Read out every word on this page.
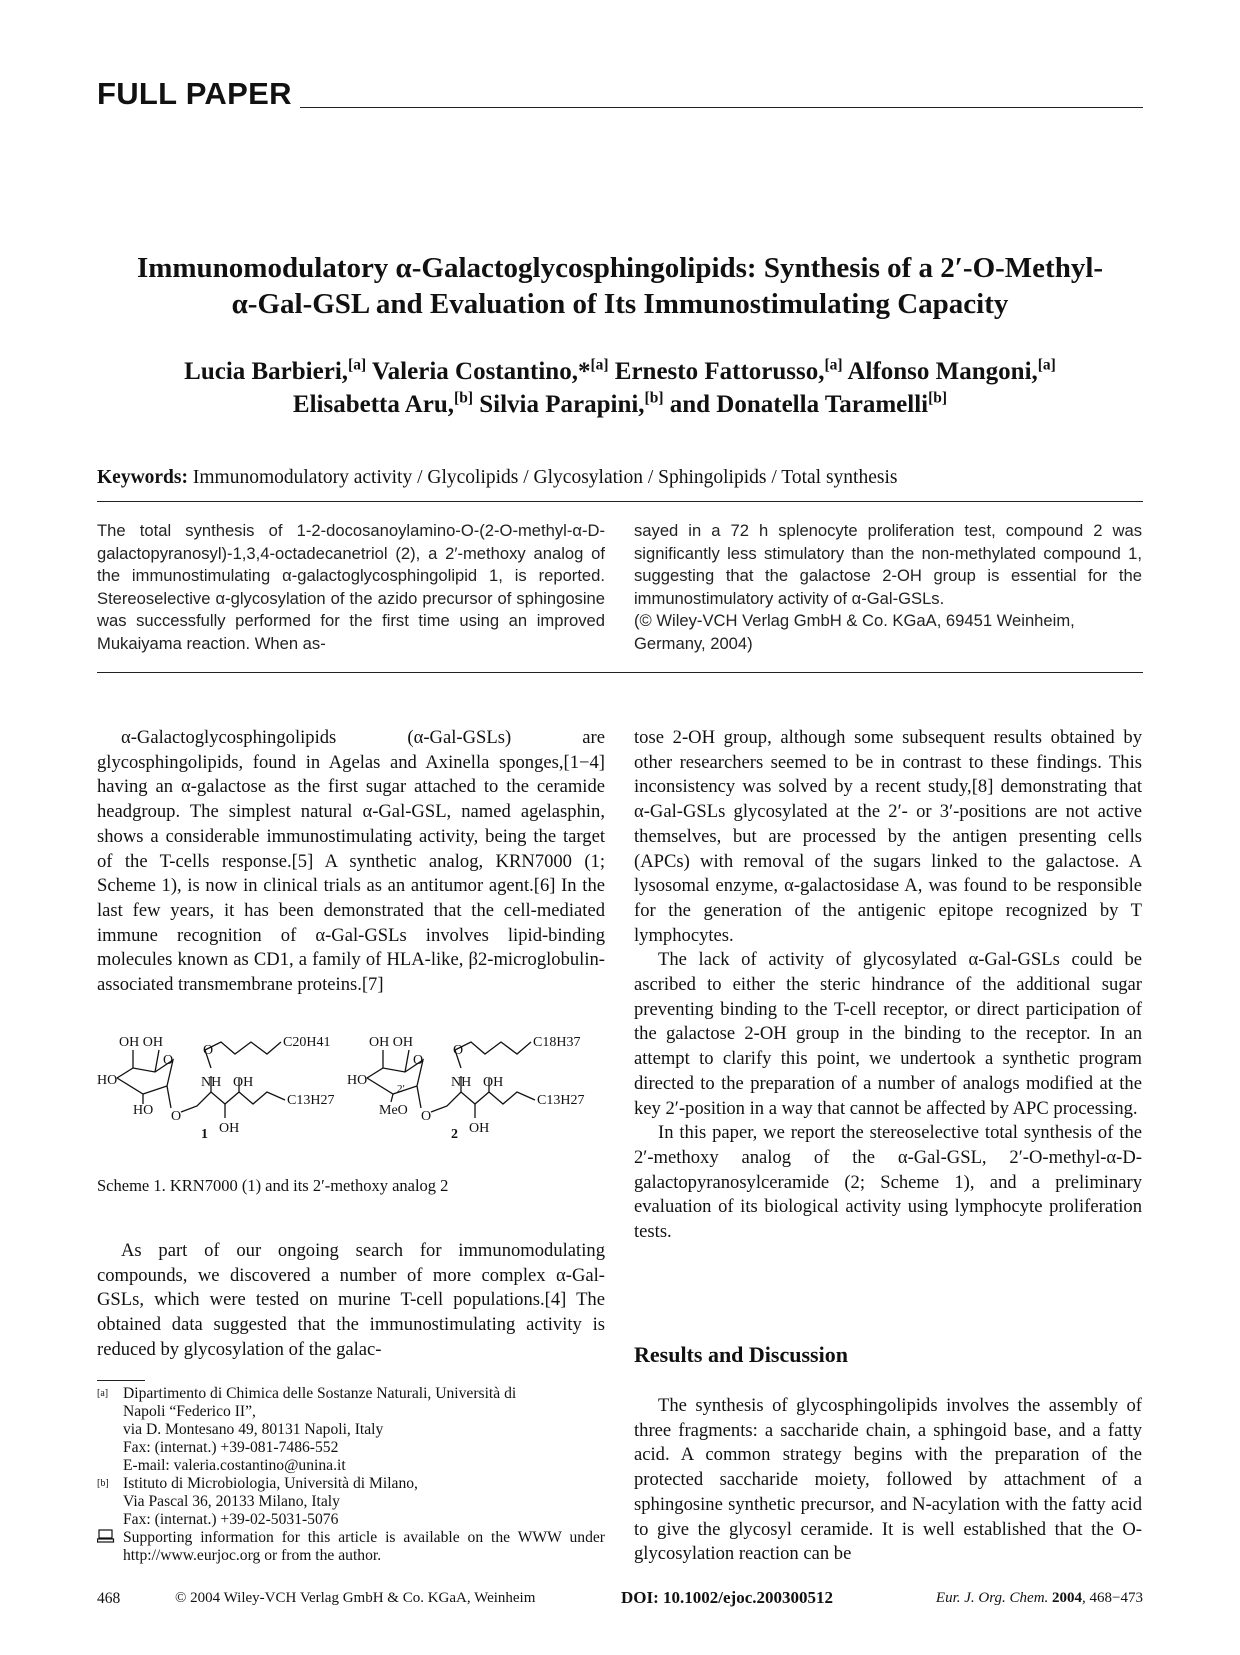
FULL PAPER
Immunomodulatory α-Galactoglycosphingolipids: Synthesis of a 2′-O-Methyl-
α-Gal-GSL and Evaluation of Its Immunostimulating Capacity
Lucia Barbieri,[a] Valeria Costantino,*[a] Ernesto Fattorusso,[a] Alfonso Mangoni,[a]
Elisabetta Aru,[b] Silvia Parapini,[b] and Donatella Taramelli[b]
Keywords: Immunomodulatory activity / Glycolipids / Glycosylation / Sphingolipids / Total synthesis

The total synthesis of 1-2-docosanoylamino-O-(2-O-methyl-α-D-galactopyranosyl)-1,3,4-octadecanetriol (2), a 2′-methoxy analog of the immunostimulating α-galactoglycosphingolipid 1, is reported. Stereoselective α-glycosylation of the azido precursor of sphingosine was successfully performed for the first time using an improved Mukaiyama reaction. When as-

sayed in a 72 h splenocyte proliferation test, compound 2 was significantly less stimulatory than the non-methylated compound 1, suggesting that the galactose 2-OH group is essential for the immunostimulatory activity of α-Gal-GSLs.

(© Wiley-VCH Verlag GmbH & Co. KGaA, 69451 Weinheim, Germany, 2004)

α-Galactoglycosphingolipids (α-Gal-GSLs) are glycosphingolipids, found in Agelas and Axinella sponges,[1−4] having an α-galactose as the first sugar attached to the ceramide headgroup. The simplest natural α-Gal-GSL, named agelasphin, shows a considerable immunostimulating activity, being the target of the T-cells response.[5] A synthetic analog, KRN7000 (1; Scheme 1), is now in clinical trials as an antitumor agent.[6] In the last few years, it has been demonstrated that the cell-mediated immune recognition of α-Gal-GSLs involves lipid-binding molecules known as CD1, a family of HLA-like, β2-microglobulin-associated transmembrane proteins.[7]

OH OH
HO
O
HO O
O
NH OH
C13H27
C20H41
OH
1
OH OH
HO
O
2′
MeO O
O
NH OH
C13H27
C18H37
OH
2
Scheme 1. KRN7000 (1) and its 2′-methoxy analog 2

As part of our ongoing search for immunomodulating compounds, we discovered a number of more complex α-Gal-GSLs, which were tested on murine T-cell populations.[4] The obtained data suggested that the immunostimulating activity is reduced by glycosylation of the galac-

[a] Dipartimento di Chimica delle Sostanze Naturali, Università di
Napoli “Federico II”,
via D. Montesano 49, 80131 Napoli, Italy
Fax: (internat.) +39-081-7486-552
E-mail: valeria.costantino@unina.it
[b] Istituto di Microbiologia, Università di Milano,
Via Pascal 36, 20133 Milano, Italy
Fax: (internat.) +39-02-5031-5076
Supporting information for this article is available on the WWW under http://www.eurjoc.org or from the author.

tose 2-OH group, although some subsequent results obtained by other researchers seemed to be in contrast to these findings. This inconsistency was solved by a recent study,[8] demonstrating that α-Gal-GSLs glycosylated at the 2′- or 3′-positions are not active themselves, but are processed by the antigen presenting cells (APCs) with removal of the sugars linked to the galactose. A lysosomal enzyme, α-galactosidase A, was found to be responsible for the generation of the antigenic epitope recognized by T lymphocytes.

The lack of activity of glycosylated α-Gal-GSLs could be ascribed to either the steric hindrance of the additional sugar preventing binding to the T-cell receptor, or direct participation of the galactose 2-OH group in the binding to the receptor. In an attempt to clarify this point, we undertook a synthetic program directed to the preparation of a number of analogs modified at the key 2′-position in a way that cannot be affected by APC processing.

In this paper, we report the stereoselective total synthesis of the 2′-methoxy analog of the α-Gal-GSL, 2′-O-methyl-α-D-galactopyranosylceramide (2; Scheme 1), and a preliminary evaluation of its biological activity using lymphocyte proliferation tests.

Results and Discussion

The synthesis of glycosphingolipids involves the assembly of three fragments: a saccharide chain, a sphingoid base, and a fatty acid. A common strategy begins with the preparation of the protected saccharide moiety, followed by attachment of a sphingosine synthetic precursor, and N-acylation with the fatty acid to give the glycosyl ceramide. It is well established that the O-glycosylation reaction can be

468	© 2004 Wiley-VCH Verlag GmbH & Co. KGaA, Weinheim	DOI: 10.1002/ejoc.200300512	Eur. J. Org. Chem. 2004, 468−473
